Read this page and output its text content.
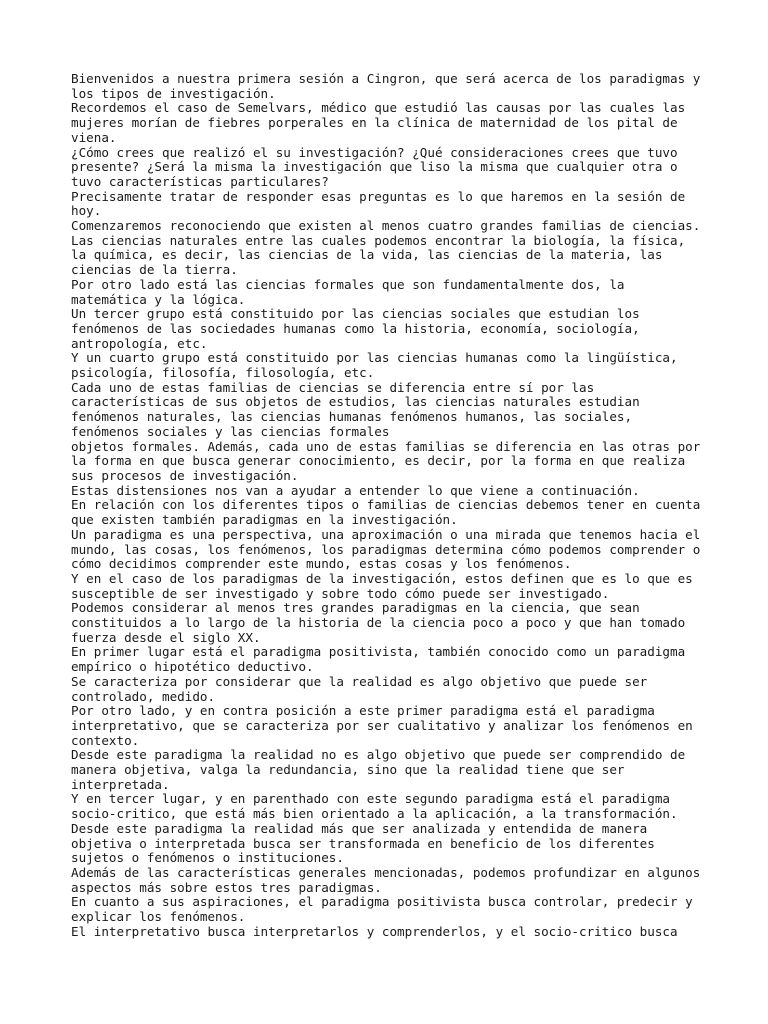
Bienvenidos a nuestra primera sesión a Cingron, que será acerca de los paradigmas y
los tipos de investigación.
Recordemos el caso de Semelvars, médico que estudió las causas por las cuales las
mujeres morían de fiebres porperales en la clínica de maternidad de los pital de
viena.
¿Cómo crees que realizó el su investigación? ¿Qué consideraciones crees que tuvo
presente? ¿Será la misma la investigación que liso la misma que cualquier otra o
tuvo características particulares?
Precisamente tratar de responder esas preguntas es lo que haremos en la sesión de
hoy.
Comenzaremos reconociendo que existen al menos cuatro grandes familias de ciencias.
Las ciencias naturales entre las cuales podemos encontrar la biología, la física,
la química, es decir, las ciencias de la vida, las ciencias de la materia, las
ciencias de la tierra.
Por otro lado está las ciencias formales que son fundamentalmente dos, la
matemática y la lógica.
Un tercer grupo está constituido por las ciencias sociales que estudian los
fenómenos de las sociedades humanas como la historia, economía, sociología,
antropología, etc.
Y un cuarto grupo está constituido por las ciencias humanas como la lingüística,
psicología, filosofía, filosología, etc.
Cada uno de estas familias de ciencias se diferencia entre sí por las
características de sus objetos de estudios, las ciencias naturales estudian
fenómenos naturales, las ciencias humanas fenómenos humanos, las sociales,
fenómenos sociales y las ciencias formales
objetos formales. Además, cada uno de estas familias se diferencia en las otras por
la forma en que busca generar conocimiento, es decir, por la forma en que realiza
sus procesos de investigación.
Estas distensiones nos van a ayudar a entender lo que viene a continuación.
En relación con los diferentes tipos o familias de ciencias debemos tener en cuenta
que existen también paradigmas en la investigación.
Un paradigma es una perspectiva, una aproximación o una mirada que tenemos hacia el
mundo, las cosas, los fenómenos, los paradigmas determina cómo podemos comprender o
cómo decidimos comprender este mundo, estas cosas y los fenómenos.
Y en el caso de los paradigmas de la investigación, estos definen que es lo que es
susceptible de ser investigado y sobre todo cómo puede ser investigado.
Podemos considerar al menos tres grandes paradigmas en la ciencia, que sean
constituidos a lo largo de la historia de la ciencia poco a poco y que han tomado
fuerza desde el siglo XX.
En primer lugar está el paradigma positivista, también conocido como un paradigma
empírico o hipotético deductivo.
Se caracteriza por considerar que la realidad es algo objetivo que puede ser
controlado, medido.
Por otro lado, y en contra posición a este primer paradigma está el paradigma
interpretativo, que se caracteriza por ser cualitativo y analizar los fenómenos en
contexto.
Desde este paradigma la realidad no es algo objetivo que puede ser comprendido de
manera objetiva, valga la redundancia, sino que la realidad tiene que ser
interpretada.
Y en tercer lugar, y en parenthado con este segundo paradigma está el paradigma
socio-critico, que está más bien orientado a la aplicación, a la transformación.
Desde este paradigma la realidad más que ser analizada y entendida de manera
objetiva o interpretada busca ser transformada en beneficio de los diferentes
sujetos o fenómenos o instituciones.
Además de las características generales mencionadas, podemos profundizar en algunos
aspectos más sobre estos tres paradigmas.
En cuanto a sus aspiraciones, el paradigma positivista busca controlar, predecir y
explicar los fenómenos.
El interpretativo busca interpretarlos y comprenderlos, y el socio-critico busca
